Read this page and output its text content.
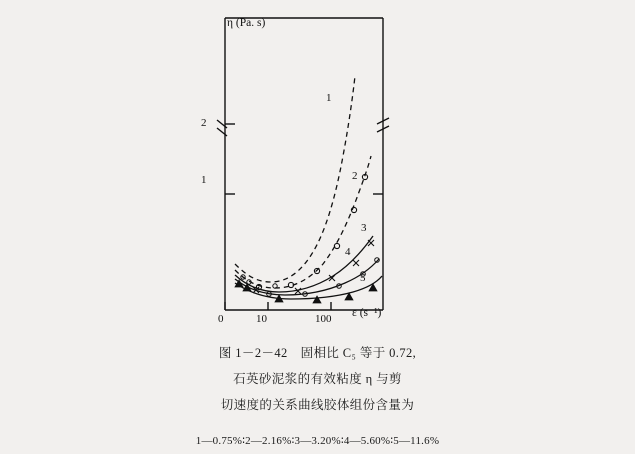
η (Pa. s)
ε (s⁻¹)
2
1
0	10	100
1
2
3
4
5
图 1－2－42　固相比 C₅ 等于 0.72,
石英砂泥浆的有效粘度 η 与剪
切速度的关系曲线胶体组份含量为
1—0.75%∶2—2.16%∶3—3.20%∶4—5.60%∶5—11.6%
